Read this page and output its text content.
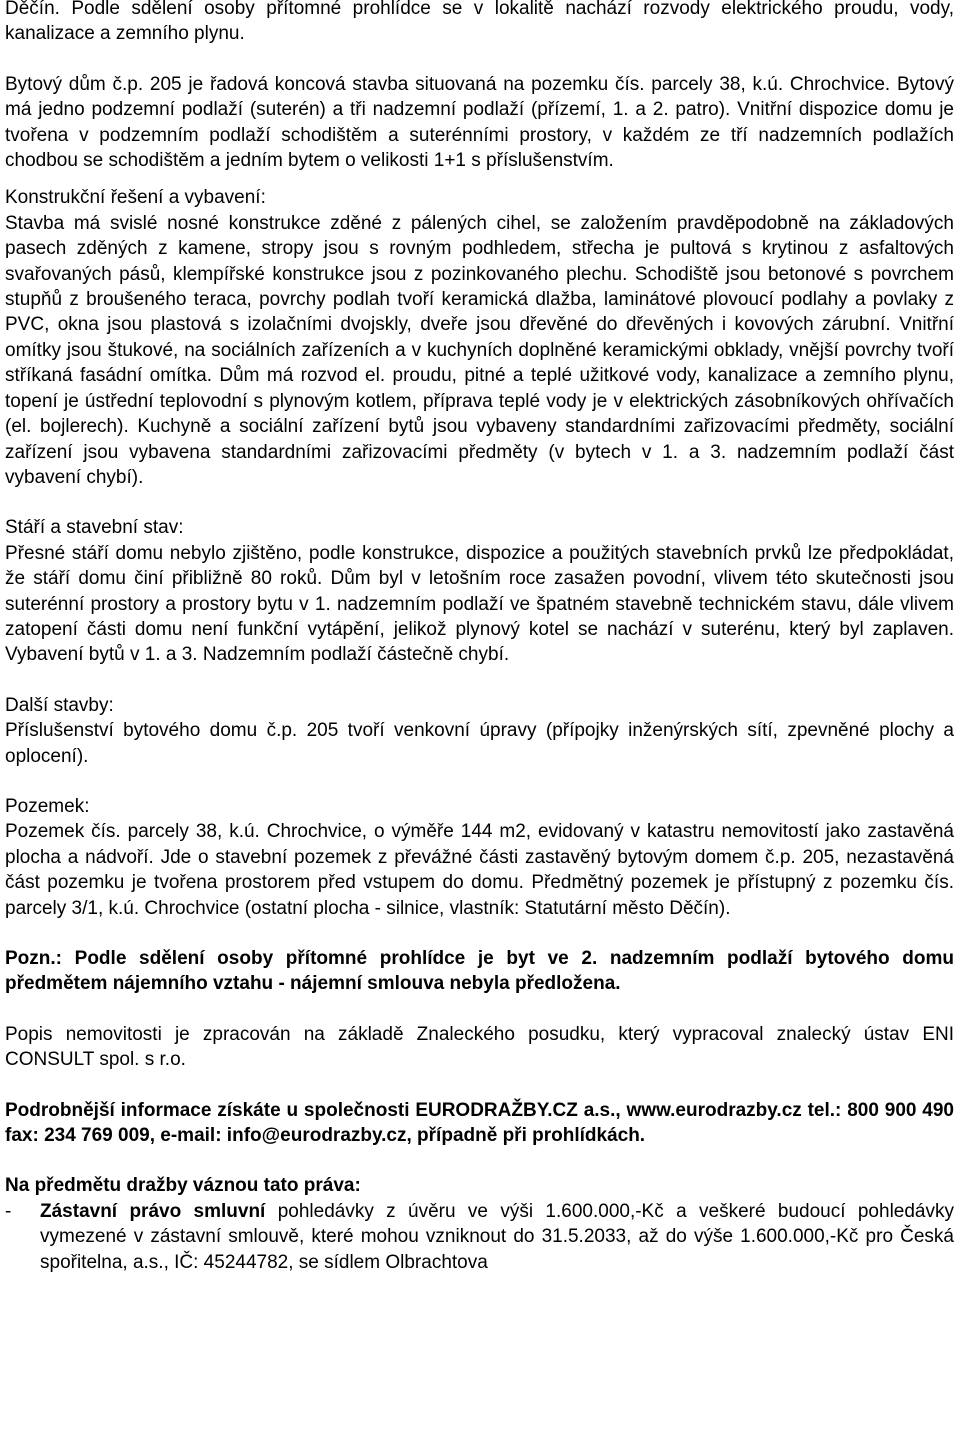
Děčín. Podle sdělení osoby přítomné prohlídce se v lokalitě nachází rozvody elektrického proudu, vody, kanalizace a zemního plynu.

Bytový dům č.p. 205 je řadová koncová stavba situovaná na pozemku čís. parcely 38, k.ú. Chrochvice. Bytový má jedno podzemní podlaží (suterén) a tři nadzemní podlaží (přízemí, 1. a 2. patro). Vnitřní dispozice domu je tvořena v podzemním podlaží schodištěm a suterénními prostory, v každém ze tří nadzemních podlažích chodbou se schodištěm a jedním bytem o velikosti 1+1 s příslušenstvím.

Konstrukční řešení a vybavení:

Stavba má svislé nosné konstrukce zděné z pálených cihel, se založením pravděpodobně na základových pasech zděných z kamene, stropy jsou s rovným podhledem, střecha je pultová s krytinou z asfaltových svařovaných pásů, klempířské konstrukce jsou z pozinkovaného plechu. Schodiště jsou betonové s povrchem stupňů z broušeného teraca, povrchy podlah tvoří keramická dlažba, laminátové plovoucí podlahy a povlaky z PVC, okna jsou plastová s izolačními dvojskly, dveře jsou dřevěné do dřevěných i kovových zárubní. Vnitřní omítky jsou štukové, na sociálních zařízeních a v kuchyních doplněné keramickými obklady, vnější povrchy tvoří stříkaná fasádní omítka. Dům má rozvod el. proudu, pitné a teplé užitkové vody, kanalizace a zemního plynu, topení je ústřední teplovodní s plynovým kotlem, příprava teplé vody je v elektrických zásobníkových ohřívačích (el. bojlerech). Kuchyně a sociální zařízení bytů jsou vybaveny standardními zařizovacími předměty, sociální zařízení jsou vybavena standardními zařizovacími předměty (v bytech v 1. a 3. nadzemním podlaží část vybavení chybí).

Stáří a stavební stav:

Přesné stáří domu nebylo zjištěno, podle konstrukce, dispozice a použitých stavebních prvků lze předpokládat, že stáří domu činí přibližně 80 roků. Dům byl v letošním roce zasažen povodní, vlivem této skutečnosti jsou suterénní prostory a prostory bytu v 1. nadzemním podlaží ve špatném stavebně technickém stavu, dále vlivem zatopení části domu není funkční vytápění, jelikož plynový kotel se nachází v suterénu, který byl zaplaven. Vybavení bytů v 1. a 3. Nadzemním podlaží částečně chybí.

Další stavby:

Příslušenství bytového domu č.p. 205 tvoří venkovní úpravy (přípojky inženýrských sítí, zpevněné plochy a oplocení).

Pozemek:

Pozemek čís. parcely 38, k.ú. Chrochvice, o výměře 144 m2, evidovaný v katastru nemovitostí jako zastavěná plocha a nádvoří. Jde o stavební pozemek z převážné části zastavěný bytovým domem č.p. 205, nezastavěná část pozemku je tvořena prostorem před vstupem do domu. Předmětný pozemek je přístupný z pozemku čís. parcely 3/1, k.ú. Chrochvice (ostatní plocha - silnice, vlastník: Statutární město Děčín).

Pozn.: Podle sdělení osoby přítomné prohlídce je byt ve 2. nadzemním podlaží bytového domu předmětem nájemního vztahu - nájemní smlouva nebyla předložena.

Popis nemovitosti je zpracován na základě Znaleckého posudku, který vypracoval znalecký ústav ENI CONSULT spol. s r.o.

Podrobnější informace získáte u společnosti EURODRAŽBY.CZ a.s., www.eurodrazby.cz tel.: 800 900 490 fax: 234 769 009, e-mail: info@eurodrazby.cz, případně při prohlídkách.

Na předmětu dražby váznou tato práva:

-	Zástavní právo smluvní pohledávky z úvěru ve výši 1.600.000,-Kč a veškeré budoucí pohledávky vymezené v zástavní smlouvě, které mohou vzniknout do 31.5.2033, až do výše 1.600.000,-Kč pro Česká spořitelna, a.s., IČ: 45244782, se sídlem Olbrachtova
